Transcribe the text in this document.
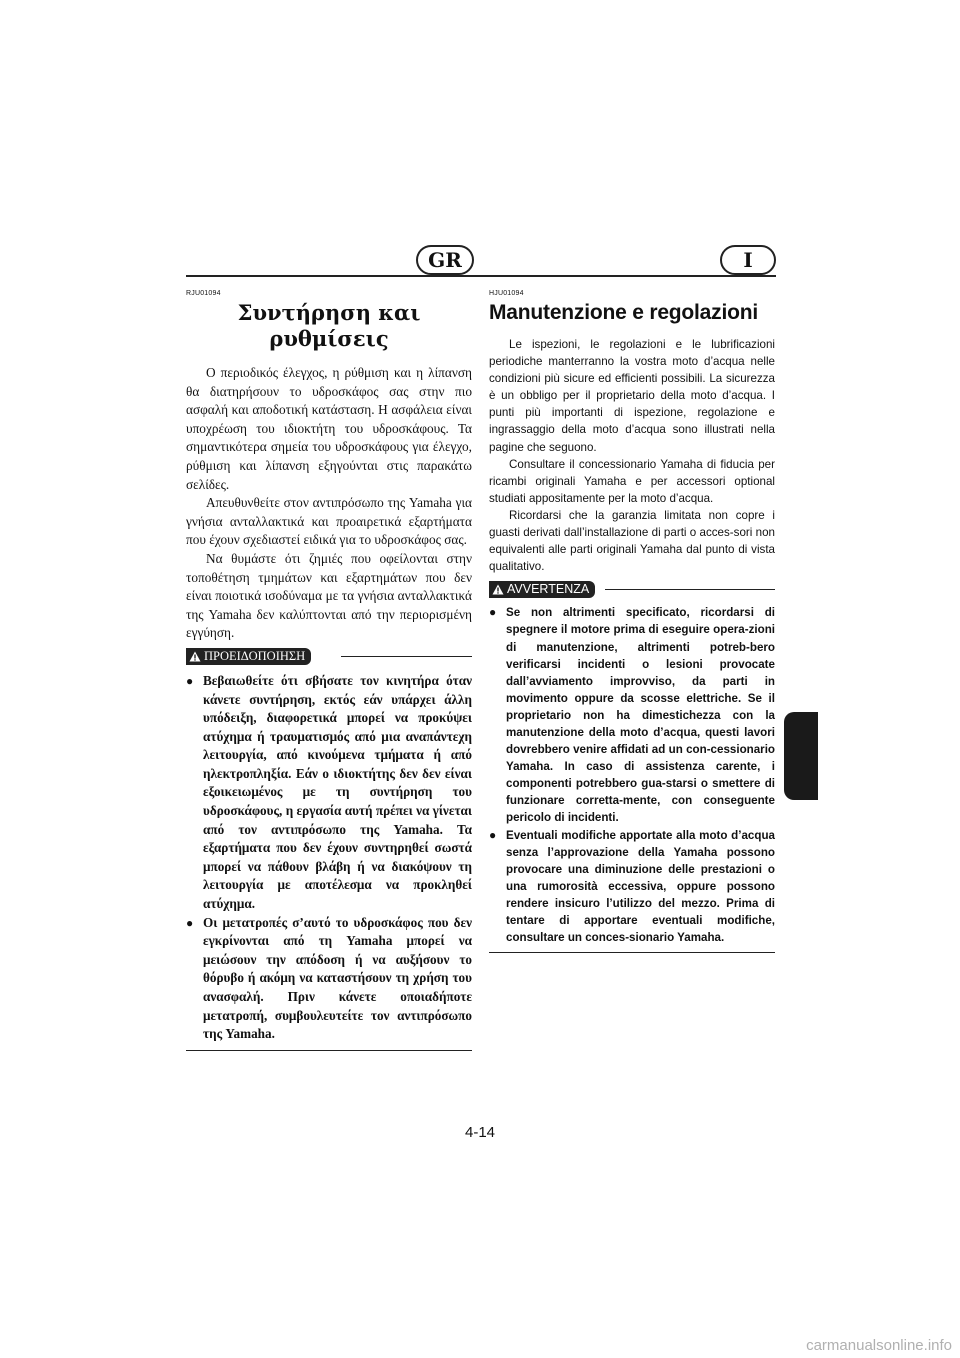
GR	I
RJU01094
Συντήρηση και ρυθμίσεις

Ο περιοδικός έλεγχος, η ρύθμιση και η λίπανση θα διατηρήσουν το υδροσκάφος σας στην πιο ασφαλή και αποδοτική κατάσταση. Η ασφάλεια είναι υποχρέωση του ιδιοκτήτη του υδροσκάφους. Τα σημαντικότερα σημεία του υδροσκάφους για έλεγχο, ρύθμιση και λίπανση εξηγούνται στις παρακάτω σελίδες.

Απευθυνθείτε στον αντιπρόσωπο της Yamaha για γνήσια ανταλλακτικά και προαιρετικά εξαρτήματα που έχουν σχεδιαστεί ειδικά για το υδροσκάφος σας.

Να θυμάστε ότι ζημιές που οφείλονται στην τοποθέτηση τμημάτων και εξαρτημάτων που δεν είναι ποιοτικά ισοδύναμα με τα γνήσια ανταλλακτικά της Yamaha δεν καλύπτονται από την περιορισμένη εγγύηση.

ΠΡΟΕΙΔΟΠΟΙΗΣΗ
● Βεβαιωθείτε ότι σβήσατε τον κινητήρα όταν κάνετε συντήρηση, εκτός εάν υπάρχει άλλη υπόδειξη, διαφορετικά μπορεί να προκύψει ατύχημα ή τραυματισμός από μια αναπάντεχη λειτουργία, από κινούμενα τμήματα ή από ηλεκτροπληξία. Εάν ο ιδιοκτήτης δεν δεν είναι εξοικειωμένος με τη συντήρηση του υδροσκάφους, η εργασία αυτή πρέπει να γίνεται από τον αντιπρόσωπο της Yamaha. Τα εξαρτήματα που δεν έχουν συντηρηθεί σωστά μπορεί να πάθουν βλάβη ή να διακόψουν τη λειτουργία με αποτέλεσμα να προκληθεί ατύχημα.
● Οι μετατροπές σ’αυτό το υδροσκάφος που δεν εγκρίνονται από τη Yamaha μπορεί να μειώσουν την απόδοση ή να αυξήσουν το θόρυβο ή ακόμη να καταστήσουν τη χρήση του ανασφαλή. Πριν κάνετε οποιαδήποτε μετατροπή, συμβουλευτείτε τον αντιπρόσωπο της Yamaha.
HJU01094
Manutenzione e regolazioni

Le ispezioni, le regolazioni e le lubrificazioni periodiche manterranno la vostra moto d’acqua nelle condizioni più sicure ed efficienti possibili. La sicurezza è un obbligo per il proprietario della moto d’acqua. I punti più importanti di ispezione, regolazione e ingrassaggio della moto d’acqua sono illustrati nella pagine che seguono.

Consultare il concessionario Yamaha di fiducia per ricambi originali Yamaha e per accessori optional studiati appositamente per la moto d’acqua.

Ricordarsi che la garanzia limitata non copre i guasti derivati dall’installazione di parti o acces-sori non equivalenti alle parti originali Yamaha dal punto di vista qualitativo.

AVVERTENZA
● Se non altrimenti specificato, ricordarsi di spegnere il motore prima di eseguire opera-zioni di manutenzione, altrimenti potreb-bero verificarsi incidenti o lesioni provocate dall’avviamento improvviso, da parti in movimento oppure da scosse elettriche. Se il proprietario non ha dimestichezza con la manutenzione della moto d’acqua, questi lavori dovrebbero venire affidati ad un con-cessionario Yamaha. In caso di assistenza carente, i componenti potrebbero gua-starsi o smettere di funzionare corretta-mente, con conseguente pericolo di incidenti.
● Eventuali modifiche apportate alla moto d’acqua senza l’approvazione della Yamaha possono provocare una diminuzione delle prestazioni o una rumorosità eccessiva, oppure possono rendere insicuro l’utilizzo del mezzo. Prima di tentare di apportare eventuali modifiche, consultare un conces-sionario Yamaha.
4-14
carmanualsonline.info
